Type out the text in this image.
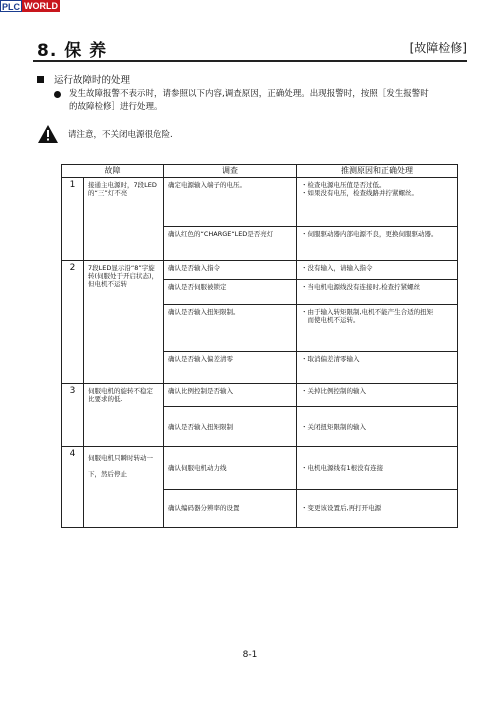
PLC WORLD
8. 保 养	[故障检修]
运行故障时的处理
发生故障报警不表示时，请参照以下内容,调查原因，正确处理。出现报警时，按照［发生报警时
的故障检修］进行处理。
请注意，不关闭电源很危险.
故障		调查	推测原因和正确处理
1	接通主电源时，7段LED的“三”灯不亮	确定电源输入端子的电压。	・检查电源电压值是否过低。
・如果没有电压，检查线路并拧紧螺丝。

		确认红色的“CHARGE“LED是否亮灯	・伺服驱动器内部电源不良，更换伺服驱动器。

2	7段LED显示沿“8”字旋转(伺服处于开启状态)，但电机不运转	确认是否输入指令	・没有输入，请输入指令

		确认是否伺服被锁定	・当电机电源线没有连接时,检查拧紧螺丝

		确认是否输入扭矩限制。	・由于输入转矩限制,电机不能产生合适的扭矩
　而使电机不运转。

		确认是否输入偏差清零	・取消偏差清零输入

3	伺服电机的旋转不稳定比要求的低.	确认比例控制是否输入	・关掉比例控制的输入

		确认是否输入扭矩限制	・关闭扭矩限制的输入

4	伺服电机只瞬时转动一下，然后停止	确认伺服电机动力线	・电机电源线有1根没有连接

		确认编码器分辨率的设置	・变更该设置后,再打开电源
8-1
